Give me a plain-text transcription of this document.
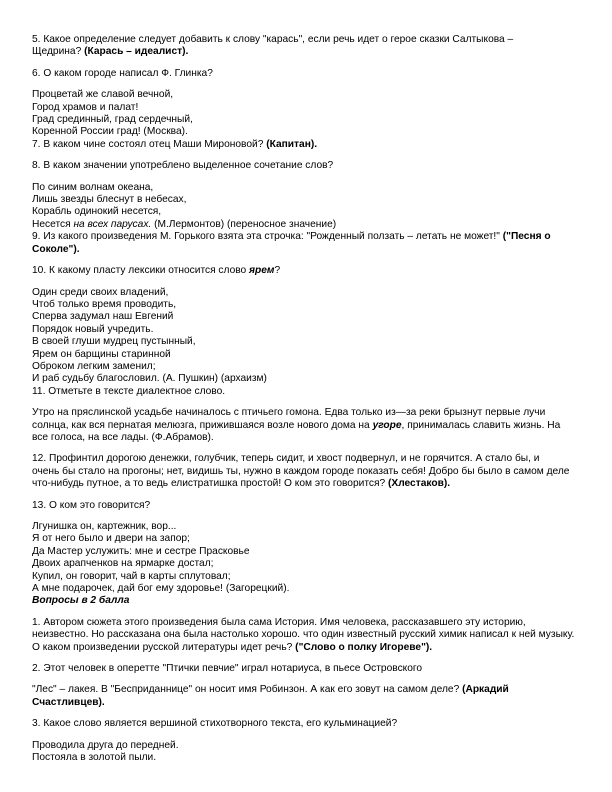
5. Какое определение следует добавить к слову "карась", если речь идет о герое сказки Салтыкова –

Щедрина? (Карась – идеалист).

6. О каком городе написал Ф. Глинка?

Процветай же славой вечной,

Город храмов и палат!

Град срединный, град сердечный,

Коренной России град! (Москва).

7. В каком чине состоял отец Маши Мироновой? (Капитан).

8. В каком значении употреблено выделенное сочетание слов?

По синим волнам океана,

Лишь звезды блеснут в небесах,

Корабль одинокий несется,

Несется на всех парусах. (М.Лермонтов) (переносное значение)

9. Из какого произведения М. Горького взята эта строчка: "Рожденный ползать – летать не может!" ("Песня о

Соколе").

10. К какому пласту лексики относится слово ярем?

Один среди своих владений,

Чтоб только время проводить,

Сперва задумал наш Евгений

Порядок новый учредить.

В своей глуши мудрец пустынный,

Ярем он барщины старинной

Оброком легким заменил;

И раб судьбу благословил. (А. Пушкин) (архаизм)

11. Отметьте в тексте диалектное слово.

Утро на пряслинской усадьбе начиналось с птичьего гомона. Едва только из—за реки брызнут первые лучи

солнца, как вся пернатая мелюзга, прижившаяся возле нового дома на угоре, принималась славить жизнь. На

все голоса, на все лады. (Ф.Абрамов).

12. Профинтил дорогою денежки, голубчик, теперь сидит, и хвост подвернул, и не горячится. А стало бы, и

очень бы стало на прогоны; нет, видишь ты, нужно в каждом городе показать себя! Добро бы было в самом деле

что-нибудь путное, а то ведь елистратишка простой! О ком это говорится? (Хлестаков).

13. О ком это говорится?

Лгунишка он, картежник, вор...

Я от него было и двери на запор;

Да Мастер услужить: мне и сестре Прасковье

Двоих арапченков на ярмарке достал;

Купил, он говорит, чай в карты сплутовал;

А мне подарочек, дай бог ему здоровье! (Загорецкий).

Вопросы в 2 балла

1. Автором сюжета этого произведения была сама История. Имя человека, рассказавшего эту историю,

неизвестно. Но рассказана она была настолько хорошо. что один известный русский химик написал к ней музыку.

О каком произведении русской литературы идет речь? ("Слово о полку Игореве").

2. Этот человек в оперетте "Птички певчие" играл нотариуса, в пьесе Островского

"Лес" – лакея. В "Бесприданнице" он носит имя Робинзон. А как его зовут на самом деле? (Аркадий

Счастливцев).

3. Какое слово является вершиной стихотворного текста, его кульминацией?

Проводила друга до передней.

Постояла в золотой пыли.
